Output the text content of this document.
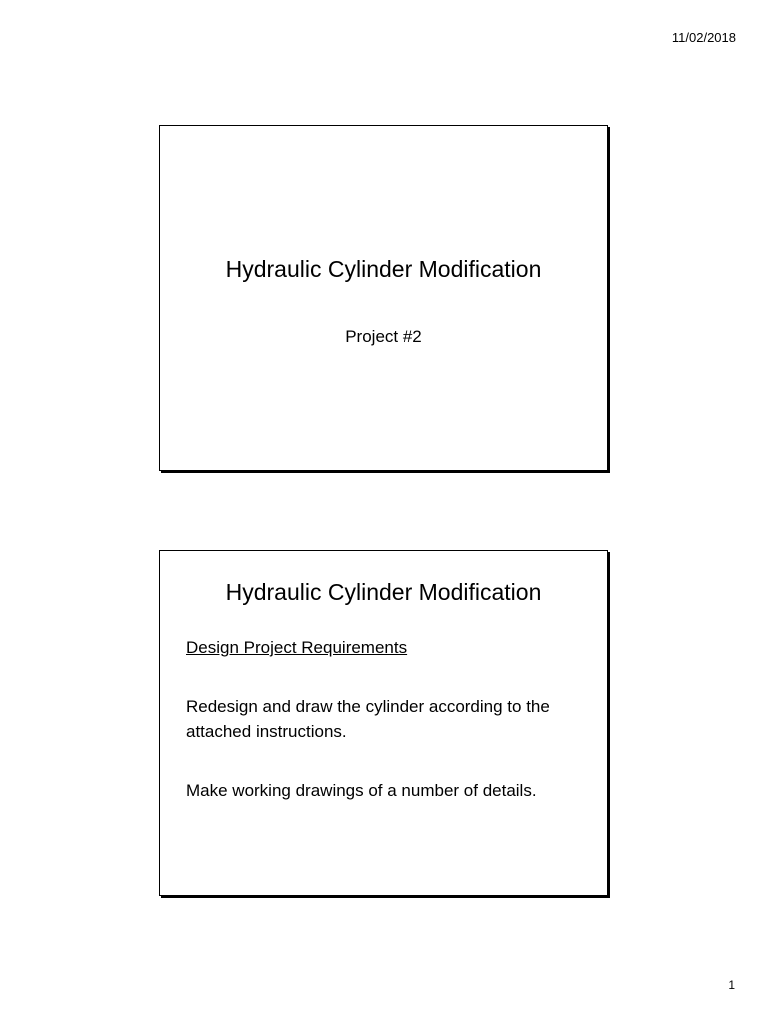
11/02/2018
Hydraulic Cylinder Modification
Project #2
Hydraulic Cylinder Modification
Design Project Requirements
Redesign and draw the cylinder according to the attached instructions.
Make working drawings of a number of details.
1
